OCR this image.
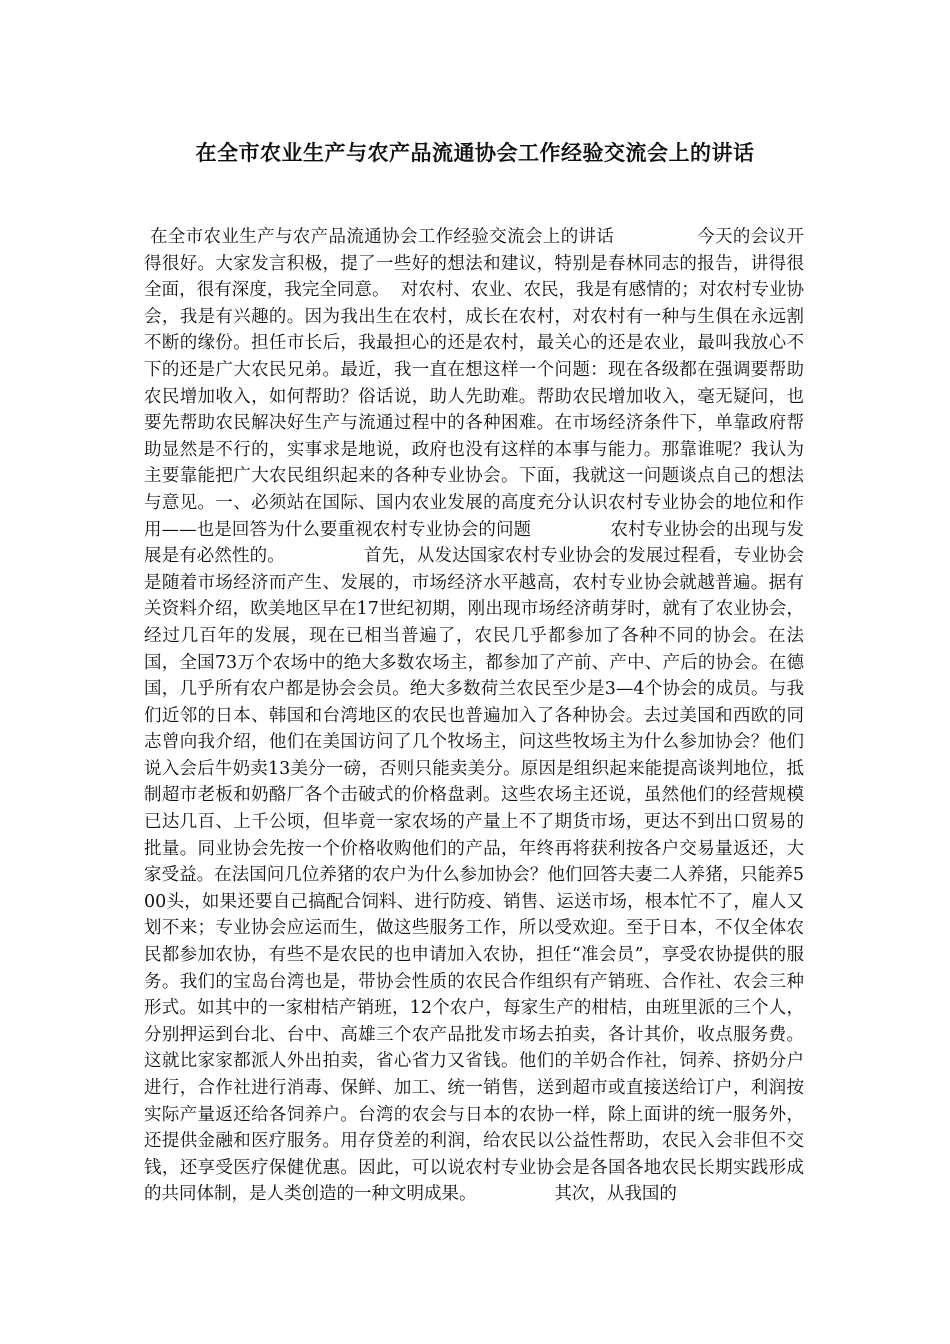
在全市农业生产与农产品流通协会工作经验交流会上的讲话

在全市农业生产与农产品流通协会工作经验交流会上的讲话              今天的会议开得很好。大家发言积极，提了一些好的想法和建议，特别是春林同志的报告，讲得很全面，很有深度，我完全同意。  对农村、农业、农民，我是有感情的；对农村专业协会，我是有兴趣的。因为我出生在农村，成长在农村，对农村有一种与生俱在永远割不断的缘份。担任市长后，我最担心的还是农村，最关心的还是农业，最叫我放心不下的还是广大农民兄弟。最近，我一直在想这样一个问题：现在各级都在强调要帮助农民增加收入，如何帮助？俗话说，助人先助难。帮助农民增加收入，毫无疑问，也要先帮助农民解决好生产与流通过程中的各种困难。在市场经济条件下，单靠政府帮助显然是不行的，实事求是地说，政府也没有这样的本事与能力。那靠谁呢？我认为主要靠能把广大农民组织起来的各种专业协会。下面，我就这一问题谈点自己的想法与意见。一、必须站在国际、国内农业发展的高度充分认识农村专业协会的地位和作用——也是回答为什么要重视农村专业协会的问题              农村专业协会的出现与发展是有必然性的。              首先，从发达国家农村专业协会的发展过程看，专业协会是随着市场经济而产生、发展的，市场经济水平越高，农村专业协会就越普遍。据有关资料介绍，欧美地区早在17世纪初期，刚出现市场经济萌芽时，就有了农业协会，经过几百年的发展，现在已相当普遍了，农民几乎都参加了各种不同的协会。在法国，全国73万个农场中的绝大多数农场主，都参加了产前、产中、产后的协会。在德国，几乎所有农户都是协会会员。绝大多数荷兰农民至少是3—4个协会的成员。与我们近邻的日本、韩国和台湾地区的农民也普遍加入了各种协会。去过美国和西欧的同志曾向我介绍，他们在美国访问了几个牧场主，问这些牧场主为什么参加协会？他们说入会后牛奶卖13美分一磅，否则只能卖美分。原因是组织起来能提高谈判地位，抵制超市老板和奶酪厂各个击破式的价格盘剥。这些农场主还说，虽然他们的经营规模已达几百、上千公顷，但毕竟一家农场的产量上不了期货市场，更达不到出口贸易的批量。同业协会先按一个价格收购他们的产品，年终再将获利按各户交易量返还，大家受益。在法国问几位养猪的农户为什么参加协会？他们回答夫妻二人养猪，只能养500头，如果还要自己搞配合饲料、进行防疫、销售、运送市场，根本忙不了，雇人又划不来；专业协会应运而生，做这些服务工作，所以受欢迎。至于日本，不仅全体农民都参加农协，有些不是农民的也申请加入农协，担任“准会员”，享受农协提供的服务。我们的宝岛台湾也是，带协会性质的农民合作组织有产销班、合作社、农会三种形式。如其中的一家柑桔产销班，12个农户，每家生产的柑桔，由班里派的三个人，分别押运到台北、台中、高雄三个农产品批发市场去拍卖，各计其价，收点服务费。这就比家家都派人外出拍卖，省心省力又省钱。他们的羊奶合作社，饲养、挤奶分户进行，合作社进行消毒、保鲜、加工、统一销售，送到超市或直接送给订户，利润按实际产量返还给各饲养户。台湾的农会与日本的农协一样，除上面讲的统一服务外，还提供金融和医疗服务。用存贷差的利润，给农民以公益性帮助，农民入会非但不交钱，还享受医疗保健优惠。因此，可以说农村专业协会是各国各地农民长期实践形成的共同体制，是人类创造的一种文明成果。              其次，从我国的
